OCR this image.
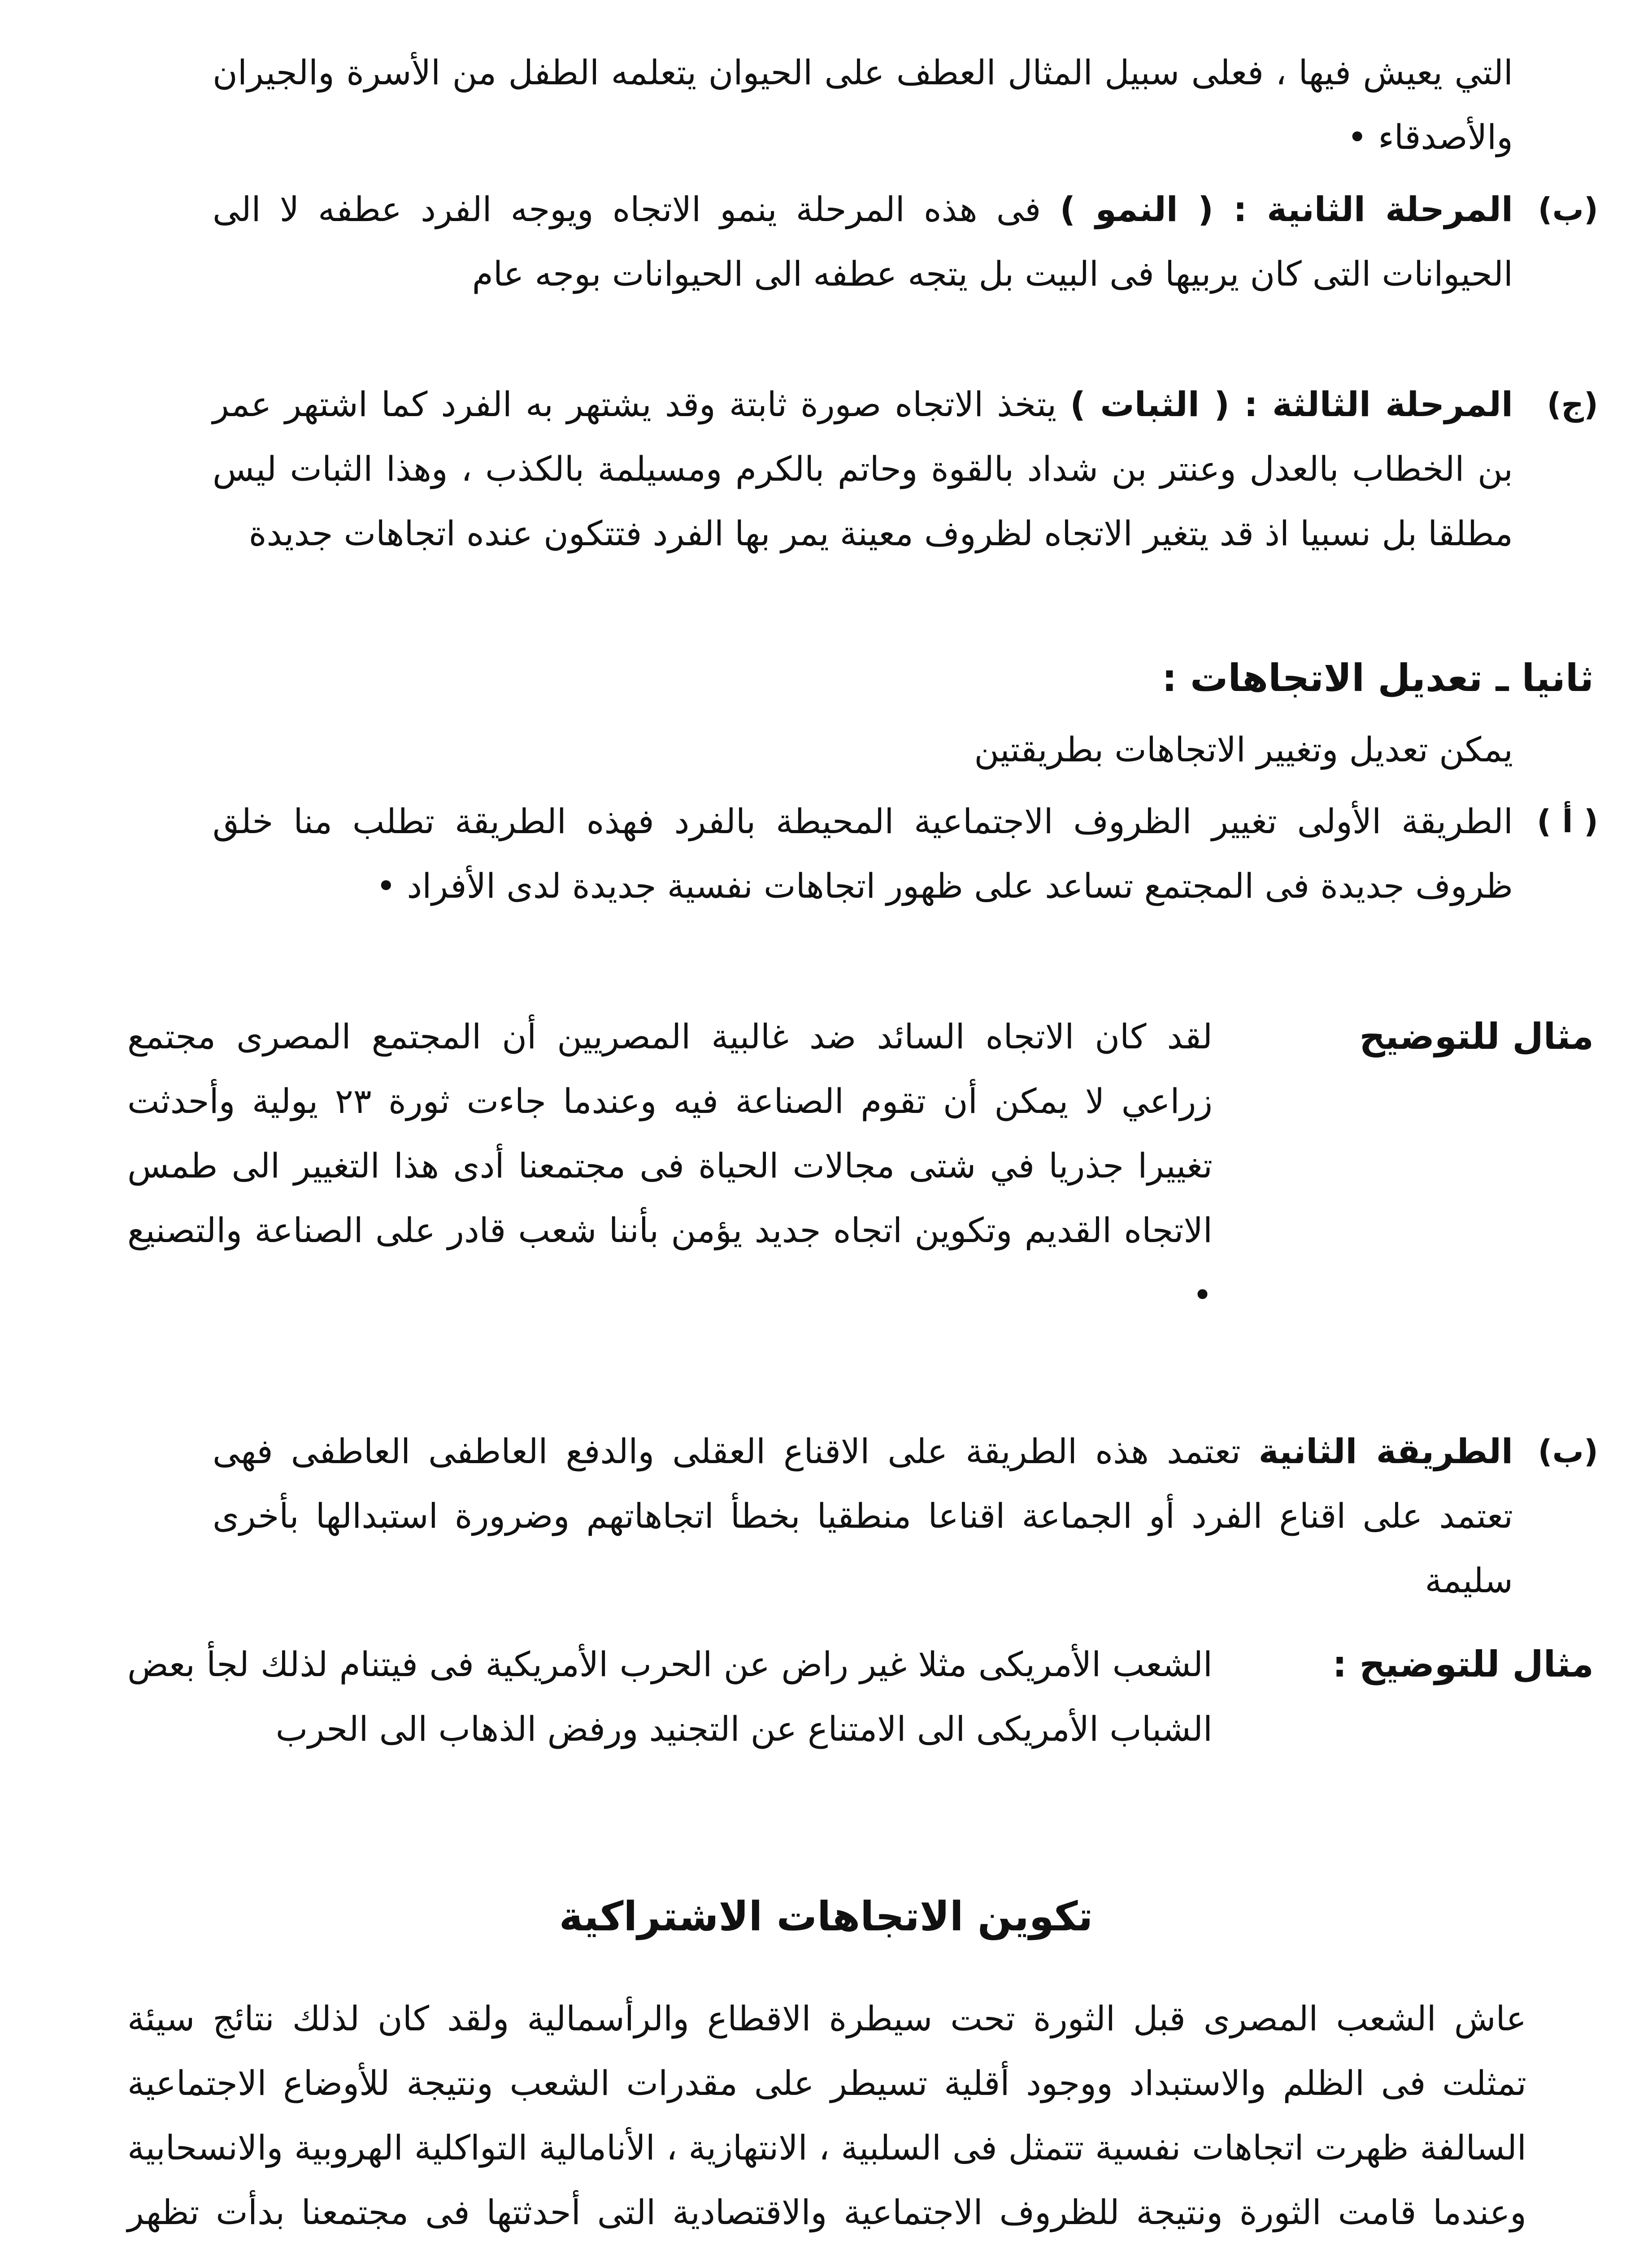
التي يعيش فيها ، فعلى سبيل المثال العطف على الحيوان يتعلمه الطفل من الأسرة والجيران والأصدقاء •
(ب)
المرحلة الثانية : ( النمو ) فى هذه المرحلة ينمو الاتجاه ويوجه الفرد عطفه لا الى الحيوانات التى كان يربيها فى البيت بل يتجه عطفه الى الحيوانات بوجه عام
(ج)
المرحلة الثالثة : ( الثبات ) يتخذ الاتجاه صورة ثابتة وقد يشتهر به الفرد كما اشتهر عمر بن الخطاب بالعدل وعنتر بن شداد بالقوة وحاتم بالكرم ومسيلمة بالكذب ، وهذا الثبات ليس مطلقا بل نسبيا اذ قد يتغير الاتجاه لظروف معينة يمر بها الفرد فتتكون عنده اتجاهات جديدة
ثانيا ـ تعديل الاتجاهات :
يمكن تعديل وتغيير الاتجاهات بطريقتين
( أ )
الطريقة الأولى تغيير الظروف الاجتماعية المحيطة بالفرد فهذه الطريقة تطلب منا خلق ظروف جديدة فى المجتمع تساعد على ظهور اتجاهات نفسية جديدة لدى الأفراد •
مثال للتوضيح
لقد كان الاتجاه السائد ضد غالبية المصريين أن المجتمع المصرى مجتمع زراعي لا يمكن أن تقوم الصناعة فيه وعندما جاءت ثورة ٢٣ يولية وأحدثت تغييرا جذريا في شتى مجالات الحياة فى مجتمعنا أدى هذا التغيير الى طمس الاتجاه القديم وتكوين اتجاه جديد يؤمن بأننا شعب قادر على الصناعة والتصنيع •
(ب)
الطريقة الثانية تعتمد هذه الطريقة على الاقناع العقلى والدفع العاطفى العاطفى فهى تعتمد على اقناع الفرد أو الجماعة اقناعا منطقيا بخطأ اتجاهاتهم وضرورة استبدالها بأخرى سليمة
مثال للتوضيح :
الشعب الأمريكى مثلا غير راض عن الحرب الأمريكية فى فيتنام لذلك لجأ بعض الشباب الأمريكى الى الامتناع عن التجنيد ورفض الذهاب الى الحرب
تكوين الاتجاهات الاشتراكية
عاش الشعب المصرى قبل الثورة تحت سيطرة الاقطاع والرأسمالية ولقد كان لذلك نتائج سيئة تمثلت فى الظلم والاستبداد ووجود أقلية تسيطر على مقدرات الشعب ونتيجة للأوضاع الاجتماعية السالفة ظهرت اتجاهات نفسية تتمثل فى السلبية ، الانتهازية ، الأنامالية التواكلية الهروبية والانسحابية وعندما قامت الثورة ونتيجة للظروف الاجتماعية والاقتصادية التى أحدثتها فى مجتمعنا بدأت تظهر
